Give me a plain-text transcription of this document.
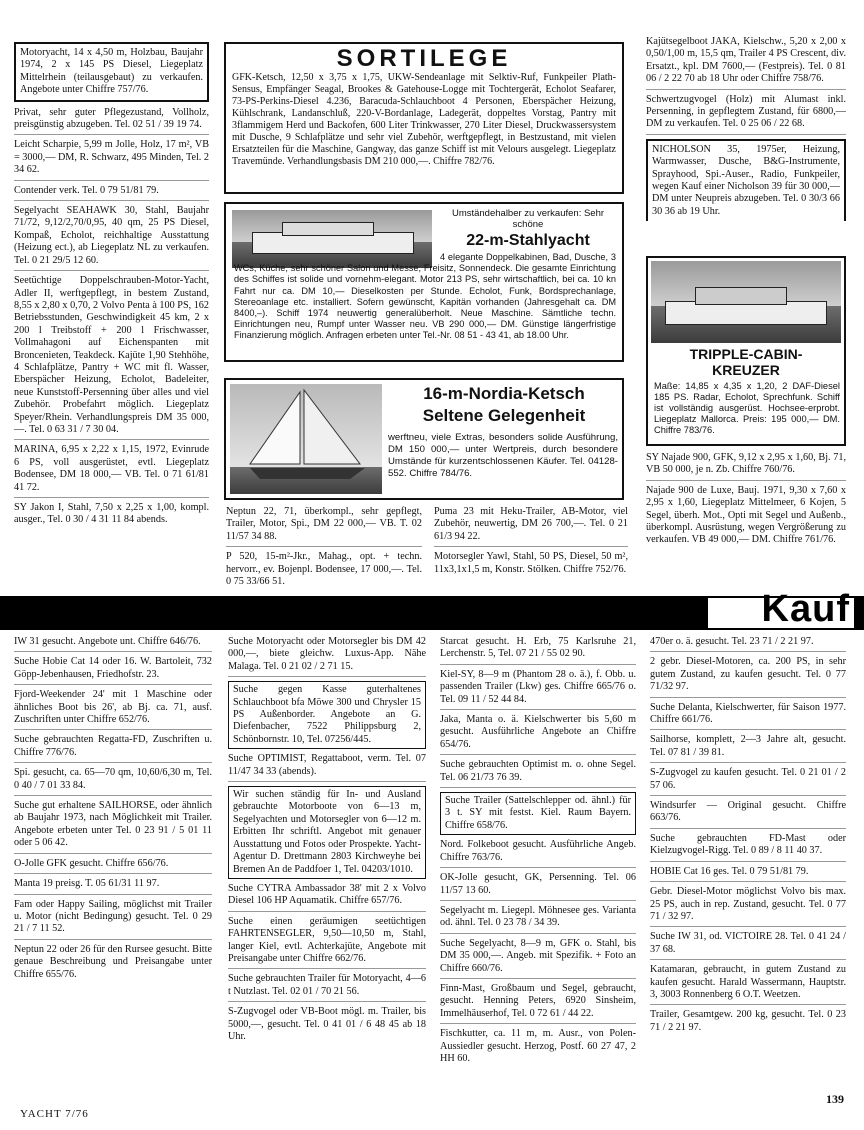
Motoryacht, 14 x 4,50 m, Holzbau, Baujahr 1974, 2 x 145 PS Diesel, Liegeplatz Mittelrhein (teilausgebaut) zu verkaufen. Angebote unter Chiffre 757/76.
Privat, sehr guter Pflegezustand, Vollholz, preisgünstig abzugeben. Tel. 02 51 / 39 19 74.
Leicht Scharpie, 5,99 m Jolle, Holz, 17 m², VB = 3000,— DM, R. Schwarz, 495 Minden, Tel. 2 34 62.
Contender verk. Tel. 0 79 51/81 79.
Segelyacht SEAHAWK 30, Stahl, Baujahr 71/72, 9,12/2,70/0,95, 40 qm, 25 PS Diesel, Kompaß, Echolot, reichhaltige Ausstattung (Heizung ect.), ab Liegeplatz NL zu verkaufen. Tel. 0 21 29/5 12 60.
Seetüchtige Doppelschrauben-Motor-Yacht, Adler II, werftgepflegt, in bestem Zustand, 8,55 x 2,80 x 0,70, 2 Volvo Penta à 100 PS, 162 Betriebsstunden, Geschwindigkeit 45 km, 2 x 200 l Treibstoff + 200 l Frischwasser, Vollmahagoni auf Eichenspanten mit Broncenieten, Teakdeck. Kajüte 1,90 Stehhöhe, 4 Schlafplätze, Pantry + WC mit fl. Wasser, Eberspächer Heizung, Echolot, Badeleiter, neue Kunststoff-Persenning über alles und viel Zubehör. Probefahrt möglich. Liegeplatz Speyer/Rhein. Verhandlungspreis DM 35 000,—. Tel. 0 63 31 / 7 30 04.
MARINA, 6,95 x 2,22 x 1,15, 1972, Evinrude 6 PS, voll ausgerüstet, evtl. Liegeplatz Bodensee, DM 18 000,— VB. Tel. 0 71 61/81 41 72.
SY Jakon I, Stahl, 7,50 x 2,25 x 1,00, kompl. ausger., Tel. 0 30 / 4 31 11 84 abends.
SORTILEGE
GFK-Ketsch, 12,50 x 3,75 x 1,75, UKW-Sendeanlage mit Selktiv-Ruf, Funkpeiler Plath-Sensus, Empfänger Seagal, Brookes & Gatehouse-Logge mit Tochtergerät, Echolot Seafarer, 73-PS-Perkins-Diesel 4.236, Baracuda-Schlauchboot 4 Personen, Eberspächer Heizung, Kühlschrank, Landanschluß, 220-V-Bordanlage, Ladegerät, doppeltes Vorstag, Pantry mit 3flammigem Herd und Backofen, 600 Liter Trinkwasser, 270 Liter Diesel, Druckwassersystem mit Dusche, 9 Schlafplätze und sehr viel Zubehör, werftgepflegt, in Bestzustand, mit vielen Ersatzteilen für die Maschine, Gangway, das ganze Schiff ist mit Velours ausgelegt. Liegeplatz Travemünde. Verhandlungsbasis DM 210 000,—. Chiffre 782/76.
Umständehalber zu verkaufen: Sehr schöne
22-m-Stahlyacht
4 elegante Doppelkabinen, Bad, Dusche, 3 WCs, Küche, sehr schöner Salon und Messe, Freisitz, Sonnendeck. Die gesamte Einrichtung des Schiffes ist solide und vornehm-elegant. Motor 213 PS, sehr wirtschaftlich, bei ca. 10 kn Fahrt nur ca. DM 10,— Dieselkosten per Stunde. Echolot, Funk, Bordsprechanlage, Stereoanlage etc. installiert. Sofern gewünscht, Kapitän vorhanden (Jahresgehalt ca. DM 8400,–). Schiff 1974 neuwertig generalüberholt. Neue Maschine. Sämtliche techn. Einrichtungen neu, Rumpf unter Wasser neu. VB 290 000,— DM. Günstige längerfristige Finanzierung möglich. Anfragen erbeten unter Tel.-Nr. 08 51 - 43 41, ab 18.00 Uhr.
16-m-Nordia-Ketsch
Seltene Gelegenheit
werftneu, viele Extras, besonders solide Ausführung, DM 150 000,— unter Wertpreis, durch besondere Umstände für kurzentschlossenen Käufer. Tel. 04128-552. Chiffre 784/76.
Neptun 22, 71, überkompl., sehr gepflegt, Trailer, Motor, Spi., DM 22 000,— VB. T. 02 11/57 34 88.
P 520, 15-m²-Jkr., Mahag., opt. + techn. hervorr., ev. Bojenpl. Bodensee, 17 000,—. Tel. 0 75 33/66 51.
Puma 23 mit Heku-Trailer, AB-Motor, viel Zubehör, neuwertig, DM 26 700,—. Tel. 0 21 61/3 94 22.
Motorsegler Yawl, Stahl, 50 PS, Diesel, 50 m², 11x3,1x1,5 m, Konstr. Stölken. Chiffre 752/76.
Kajütsegelboot JAKA, Kielschw., 5,20 x 2,00 x 0,50/1,00 m, 15,5 qm, Trailer 4 PS Crescent, div. Ersatzt., kpl. DM 7600,— (Festpreis). Tel. 0 81 06 / 2 22 70 ab 18 Uhr oder Chiffre 758/76.
Schwertzugvogel (Holz) mit Alumast inkl. Persenning, in gepflegtem Zustand, für 6800,— DM zu verkaufen. Tel. 0 25 06 / 22 68.
NICHOLSON 35, 1975er, Heizung, Warmwasser, Dusche, B&G-Instrumente, Sprayhood, Spi.-Auser., Radio, Funkpeiler, wegen Kauf einer Nicholson 39 für 30 000,— DM unter Neupreis abzugeben. Tel. 0 30/3 66 30 36 ab 19 Uhr.
TRIPPLE-CABIN-
KREUZER
Maße: 14,85 x 4,35 x 1,20, 2 DAF-Diesel 185 PS. Radar, Echolot, Sprechfunk. Schiff ist vollständig ausgerüst. Hochsee-erprobt. Liegeplatz Mallorca. Preis: 195 000,— DM. Chiffre 783/76.
SY Najade 900, GFK, 9,12 x 2,95 x 1,60, Bj. 71, VB 50 000, je n. Zb. Chiffre 760/76.
Najade 900 de Luxe, Bauj. 1971, 9,30 x 7,60 x 2,95 x 1,60, Liegeplatz Mittelmeer, 6 Kojen, 5 Segel, überh. Mot., Opti mit Segel und Außenb., überkompl. Ausrüstung, wegen Vergrößerung zu verkaufen. VB 49 000,— DM. Chiffre 761/76.
Kauf
IW 31 gesucht. Angebote unt. Chiffre 646/76.
Suche Hobie Cat 14 oder 16. W. Bartoleit, 732 Göpp-Jebenhausen, Friedhofstr. 23.
Fjord-Weekender 24' mit 1 Maschine oder ähnliches Boot bis 26', ab Bj. ca. 71, ausf. Zuschriften unter Chiffre 652/76.
Suche gebrauchten Regatta-FD, Zuschriften u. Chiffre 776/76.
Spi. gesucht, ca. 65—70 qm, 10,60/6,30 m, Tel. 0 40 / 7 01 33 84.
Suche gut erhaltene SAILHORSE, oder ähnlich ab Baujahr 1973, nach Möglichkeit mit Trailer. Angebote erbeten unter Tel. 0 23 91 / 5 01 11 oder 5 06 42.
O-Jolle GFK gesucht. Chiffre 656/76.
Manta 19 preisg. T. 05 61/31 11 97.
Fam oder Happy Sailing, möglichst mit Trailer u. Motor (nicht Bedingung) gesucht. Tel. 0 29 21 / 7 11 52.
Neptun 22 oder 26 für den Rursee gesucht. Bitte genaue Beschreibung und Preisangabe unter Chiffre 655/76.
Suche Motoryacht oder Motorsegler bis DM 42 000,—, biete gleichw. Luxus-App. Nähe Malaga. Tel. 0 21 02 / 2 71 15.
Suche gegen Kasse guterhaltenes Schlauchboot bfa Möwe 300 und Chrysler 15 PS Außenborder. Angebote an G. Diefenbacher, 7522 Philippsburg 2, Schönbornstr. 10, Tel. 07256/445.
Suche OPTIMIST, Regattaboot, verm. Tel. 07 11/47 34 33 (abends).
Wir suchen ständig für In- und Ausland gebrauchte Motorboote von 6—13 m, Segelyachten und Motorsegler von 6—12 m. Erbitten Ihr schriftl. Angebot mit genauer Ausstattung und Fotos oder Prospekte. Yacht-Agentur D. Drettmann 2803 Kirchweyhe bei Bremen An de Paddfoer 1, Tel. 04203/1010.
Suche CYTRA Ambassador 38' mit 2 x Volvo Diesel 106 HP Aquamatik. Chiffre 657/76.
Suche einen geräumigen seetüchtigen FAHRTENSEGLER, 9,50—10,50 m, Stahl, langer Kiel, evtl. Achterkajüte, Angebote mit Preisangabe unter Chiffre 662/76.
Suche gebrauchten Trailer für Motoryacht, 4—6 t Nutzlast. Tel. 02 01 / 70 21 56.
S-Zugvogel oder VB-Boot mögl. m. Trailer, bis 5000,—, gesucht. Tel. 0 41 01 / 6 48 45 ab 18 Uhr.
Starcat gesucht. H. Erb, 75 Karlsruhe 21, Lerchenstr. 5, Tel. 07 21 / 55 02 90.
Kiel-SY, 8—9 m (Phantom 28 o. ä.), f. Obb. u. passenden Trailer (Lkw) ges. Chiffre 665/76 o. Tel. 09 11 / 52 44 84.
Jaka, Manta o. ä. Kielschwerter bis 5,60 m gesucht. Ausführliche Angebote an Chiffre 654/76.
Suche gebrauchten Optimist m. o. ohne Segel. Tel. 06 21/73 76 39.
Suche Trailer (Sattelschlepper od. ähnl.) für 3 t. SY mit festst. Kiel. Raum Bayern. Chiffre 658/76.
Nord. Folkeboot gesucht. Ausführliche Angeb. Chiffre 763/76.
OK-Jolle gesucht, GK, Persenning. Tel. 06 11/57 13 60.
Segelyacht m. Liegepl. Möhnesee ges. Varianta od. ähnl. Tel. 0 23 78 / 34 39.
Suche Segelyacht, 8—9 m, GFK o. Stahl, bis DM 35 000,—. Angeb. mit Spezifik. + Foto an Chiffre 660/76.
Finn-Mast, Großbaum und Segel, gebraucht, gesucht. Henning Peters, 6920 Sinsheim, Immelhäuserhof, Tel. 0 72 61 / 44 22.
Fischkutter, ca. 11 m, m. Ausr., von Polen-Aussiedler gesucht. Herzog, Postf. 60 27 47, 2 HH 60.
470er o. ä. gesucht. Tel. 23 71 / 2 21 97.
2 gebr. Diesel-Motoren, ca. 200 PS, in sehr gutem Zustand, zu kaufen gesucht. Tel. 0 77 71/32 97.
Suche Delanta, Kielschwerter, für Saison 1977. Chiffre 661/76.
Sailhorse, komplett, 2—3 Jahre alt, gesucht. Tel. 07 81 / 39 81.
S-Zugvogel zu kaufen gesucht. Tel. 0 21 01 / 2 57 06.
Windsurfer — Original gesucht. Chiffre 663/76.
Suche gebrauchten FD-Mast oder Kielzugvogel-Rigg. Tel. 0 89 / 8 11 40 37.
HOBIE Cat 16 ges. Tel. 0 79 51/81 79.
Gebr. Diesel-Motor möglichst Volvo bis max. 25 PS, auch in rep. Zustand, gesucht. Tel. 0 77 71 / 32 97.
Suche IW 31, od. VICTOIRE 28. Tel. 0 41 24 / 37 68.
Katamaran, gebraucht, in gutem Zustand zu kaufen gesucht. Harald Wassermann, Hauptstr. 3, 3003 Ronnenberg 6 O.T. Weetzen.
Trailer, Gesamtgew. 200 kg, gesucht. Tel. 0 23 71 / 2 21 97.
YACHT 7/76
139
